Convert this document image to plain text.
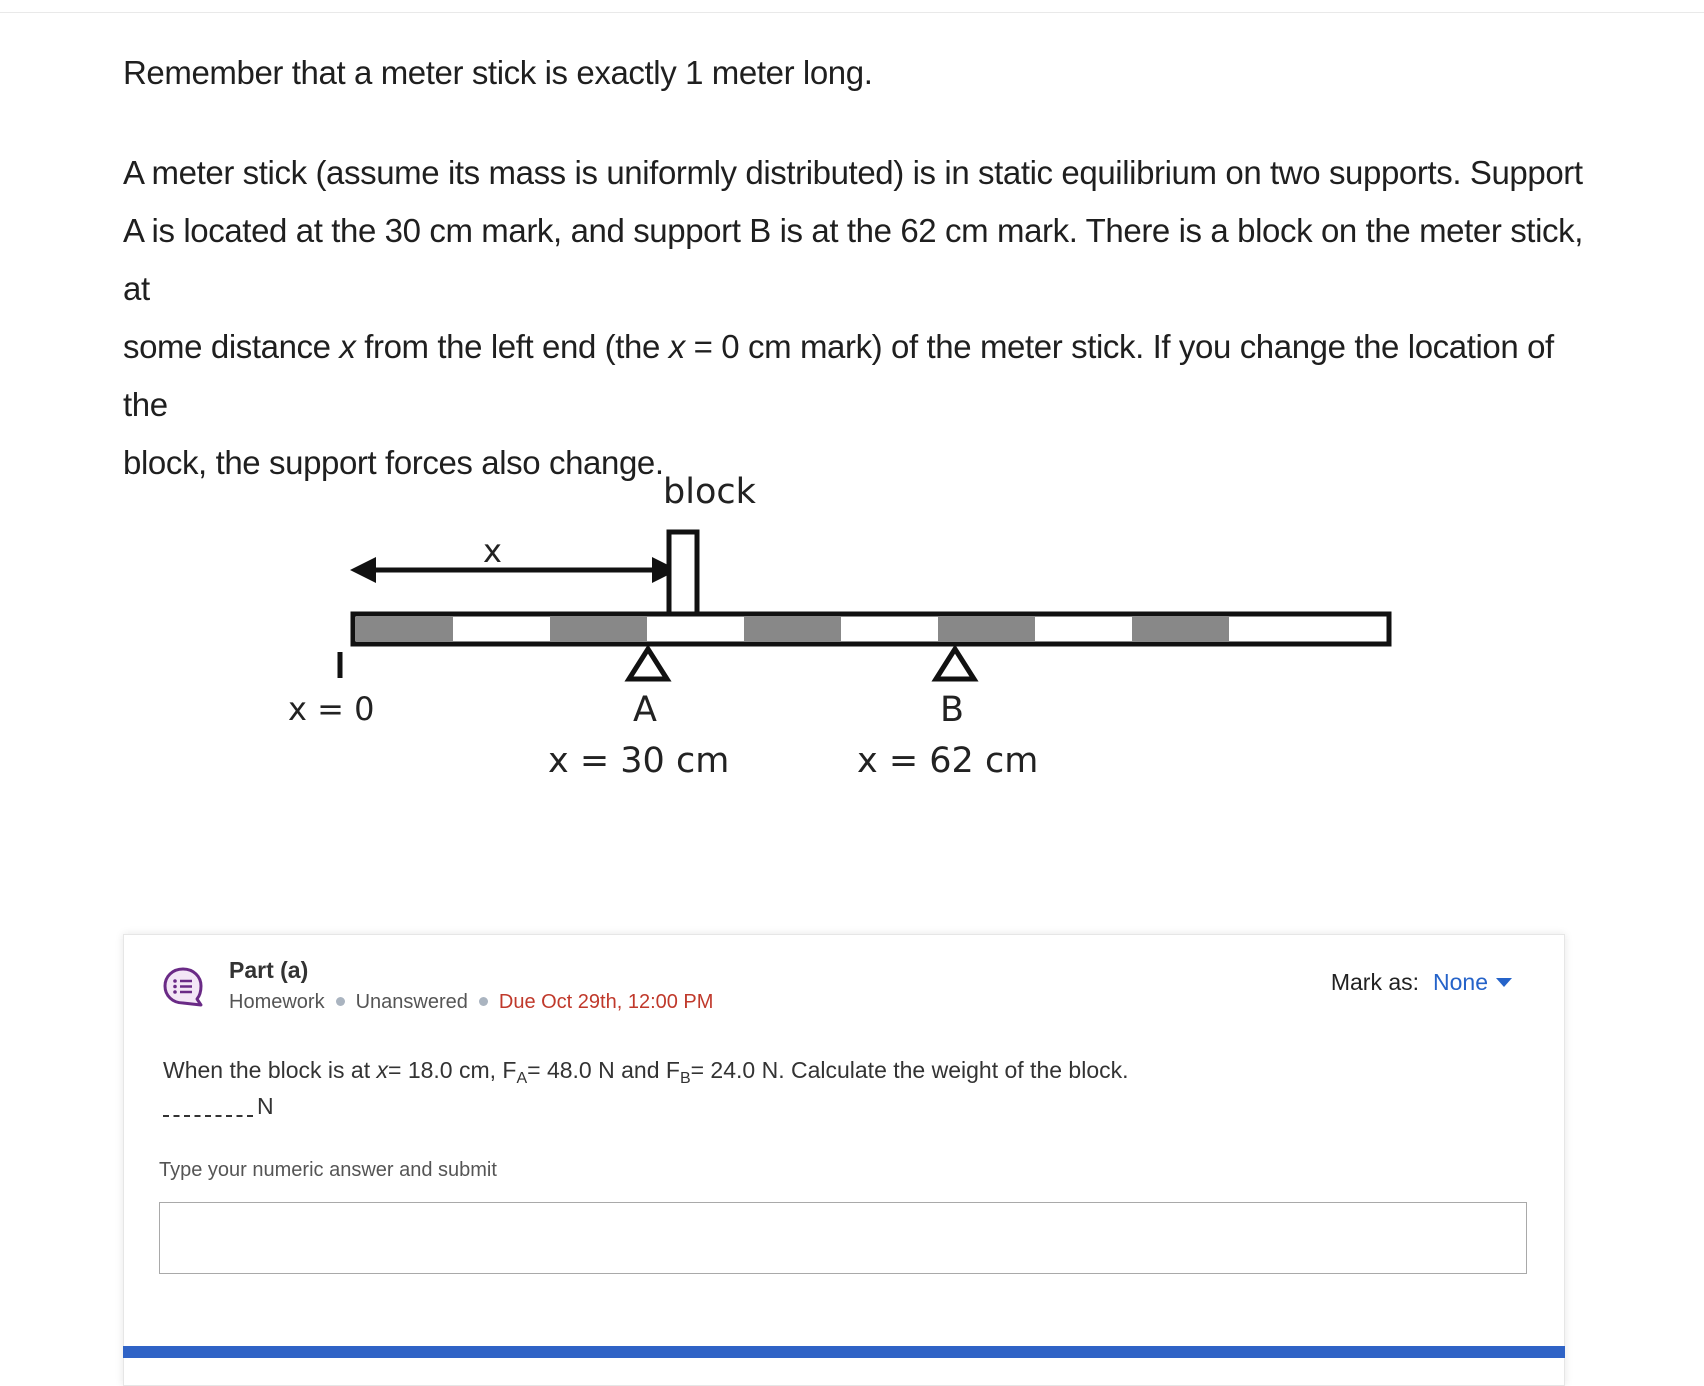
Remember that a meter stick is exactly 1 meter long.

A meter stick (assume its mass is uniformly distributed) is in static equilibrium on two supports. Support
A is located at the 30 cm mark, and support B is at the 62 cm mark. There is a block on the meter stick, at
some distance x from the left end (the x = 0 cm mark) of the meter stick. If you change the location of the
block, the support forces also change.

block
x
x = 0	A
x = 30 cm
B
x = 62 cm

Part (a)

Homework Unanswered Due Oct 29th, 12:00 PM
Mark as: None

When the block is at x= 18.0 cm, $F_A= 48.0$ N and $F_B= 24.0$ N. Calculate the weight of the block.

N
Type your numeric answer and submit
